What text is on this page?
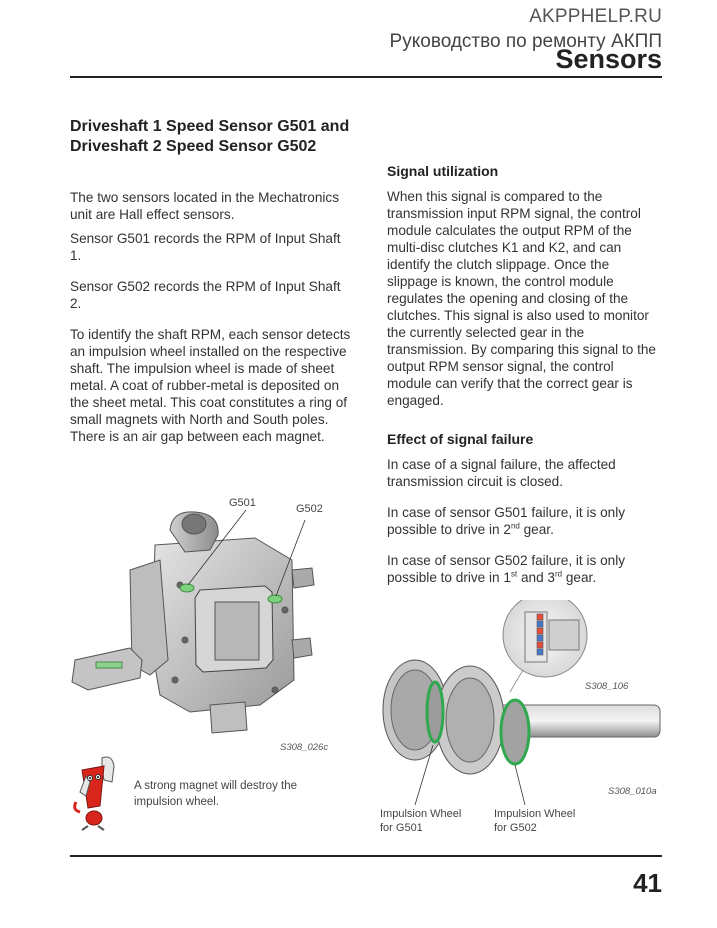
AKPPHELP.RU
Руководство по ремонту АКПП
Sensors
Driveshaft 1 Speed Sensor G501 and Driveshaft 2 Speed Sensor G502
The two sensors located in the Mechatronics unit are Hall effect sensors.
Sensor G501 records the RPM of Input Shaft 1.
Sensor G502 records the RPM of Input Shaft 2.
To identify the shaft RPM, each sensor detects an impulsion wheel installed on the respective shaft. The impulsion wheel is made of sheet metal. A coat of rubber-metal is deposited on the sheet metal. This coat constitutes a ring of small magnets with North and South poles. There is an air gap between each magnet.
Signal utilization
When this signal is compared to the transmission input RPM signal, the control module calculates the output RPM of the multi-disc clutches K1 and K2, and can identify the clutch slippage. Once the slippage is known, the control module regulates the opening and closing of the clutches. This signal is also used to monitor the currently selected gear in the transmission. By comparing this signal to the output RPM sensor signal, the control module can verify that the correct gear is engaged.
Effect of signal failure
In case of a signal failure, the affected transmission circuit is closed.
In case of sensor G501 failure, it is only possible to drive in 2nd gear.
In case of sensor G502 failure, it is only possible to drive in 1st and 3rd gear.
G501	G502
S308_026c
A strong magnet will destroy the impulsion wheel.
S308_106
S308_010a
Impulsion Wheel
for G501
Impulsion Wheel
for G502
41
